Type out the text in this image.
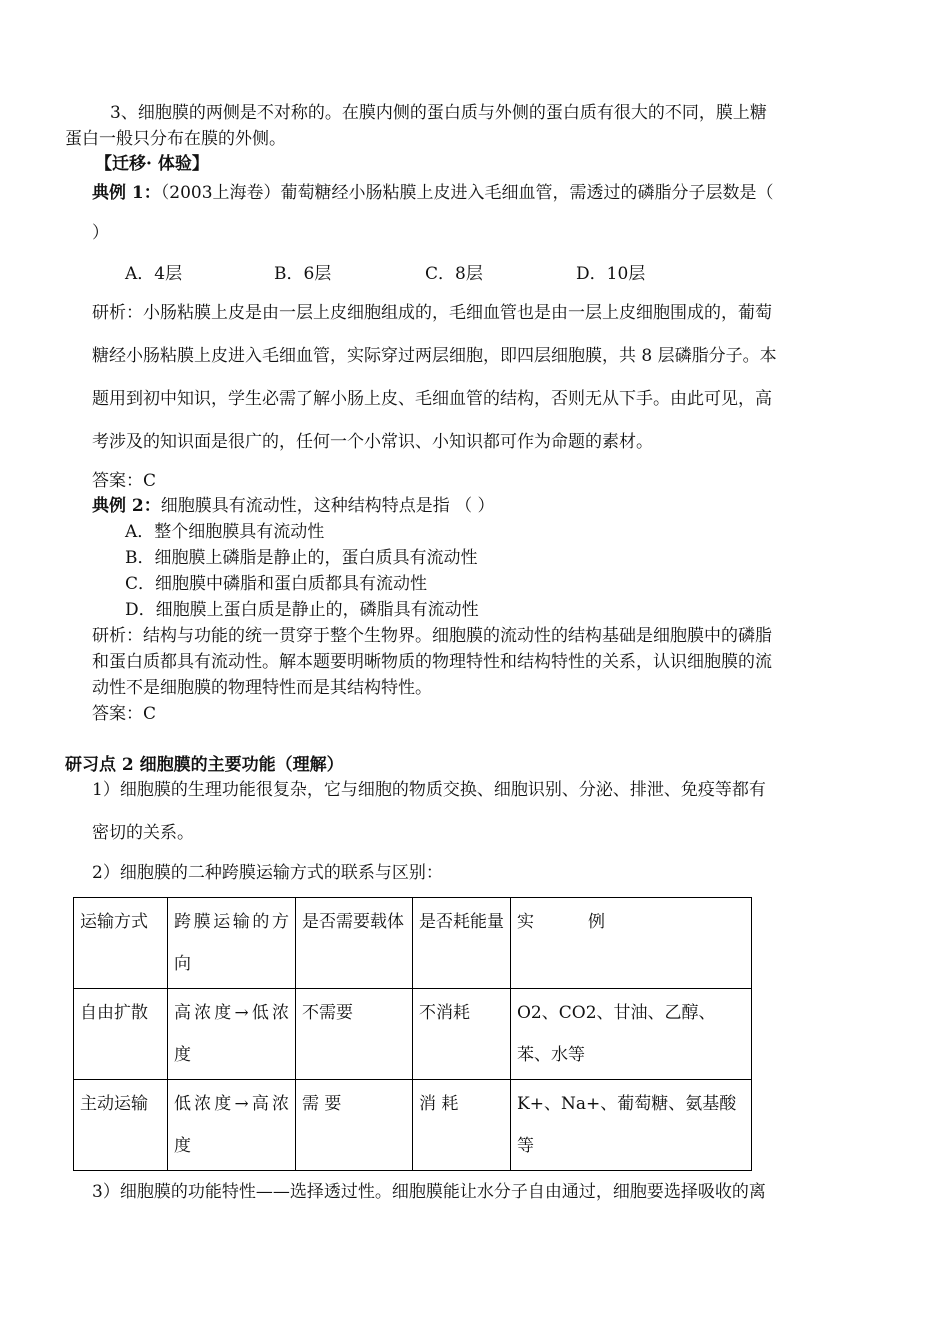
3、细胞膜的两侧是不对称的。在膜内侧的蛋白质与外侧的蛋白质有很大的不同，膜上糖
蛋白一般只分布在膜的外侧。
【迁移· 体验】
典例 1：（2003上海卷）葡萄糖经小肠粘膜上皮进入毛细血管，需透过的磷脂分子层数是（
）
A．4层	B．6层	C．8层	D．10层
研析：小肠粘膜上皮是由一层上皮细胞组成的，毛细血管也是由一层上皮细胞围成的，葡萄
糖经小肠粘膜上皮进入毛细血管，实际穿过两层细胞，即四层细胞膜，共 8 层磷脂分子。本
题用到初中知识，学生必需了解小肠上皮、毛细血管的结构，否则无从下手。由此可见，高
考涉及的知识面是很广的，任何一个小常识、小知识都可作为命题的素材。
答案：C
典例 2：细胞膜具有流动性，这种结构特点是指 （ ）
A．整个细胞膜具有流动性
B．细胞膜上磷脂是静止的，蛋白质具有流动性
C．细胞膜中磷脂和蛋白质都具有流动性
D．细胞膜上蛋白质是静止的，磷脂具有流动性
研析：结构与功能的统一贯穿于整个生物界。细胞膜的流动性的结构基础是细胞膜中的磷脂
和蛋白质都具有流动性。解本题要明晰物质的物理特性和结构特性的关系，认识细胞膜的流
动性不是细胞膜的物理特性而是其结构特性。
答案：C
研习点 2 细胞膜的主要功能（理解）
1）细胞膜的生理功能很复杂，它与细胞的物质交换、细胞识别、分泌、排泄、免疫等都有
密切的关系。
2）细胞膜的二种跨膜运输方式的联系与区别：
运输方式	跨膜运输的方向	是否需要载体	是否耗能量	实          例
自由扩散	高浓度→低浓度	不需要	不消耗	O2、CO2、甘油、乙醇、苯、水等
主动运输	低浓度→高浓度	需 要	消 耗	K+、Na+、葡萄糖、氨基酸等
3）细胞膜的功能特性——选择透过性。细胞膜能让水分子自由通过，细胞要选择吸收的离
